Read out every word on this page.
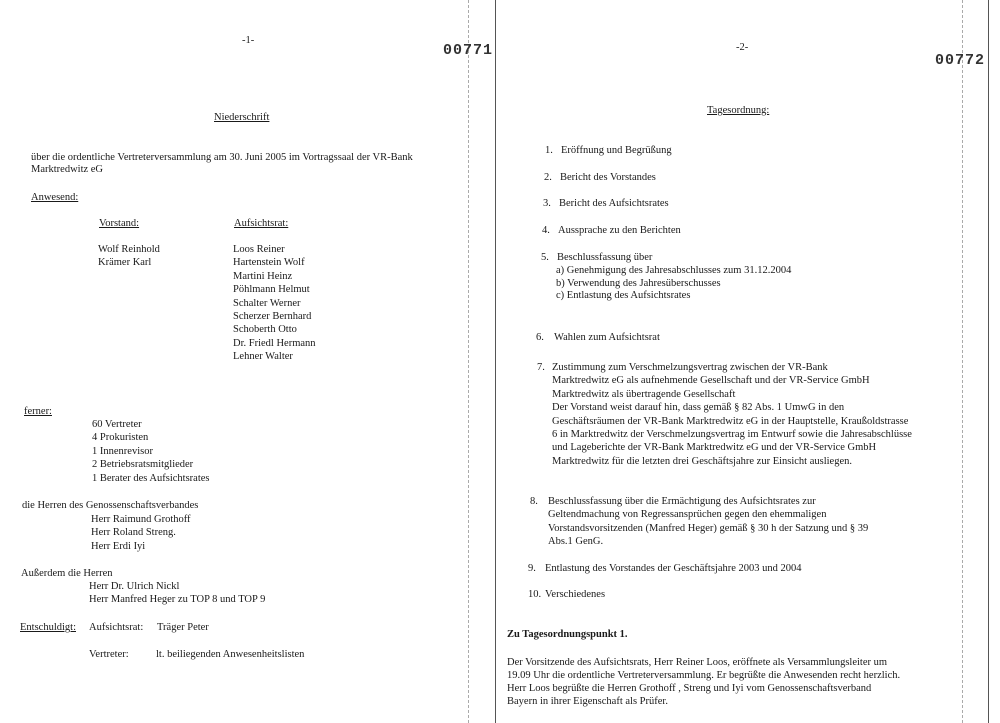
-1-
00771
Niederschrift
über die ordentliche Vertreterversammlung am 30. Juni 2005 im Vortragssaal der VR-Bank
Marktredwitz eG
Anwesend:
Vorstand:	Aufsichtsrat:
Wolf Reinhold
Krämer Karl
Loos Reiner
Hartenstein Wolf
Martini Heinz
Pöhlmann Helmut
Schalter Werner
Scherzer Bernhard
Schoberth Otto
Dr. Friedl Hermann
Lehner Walter
ferner:
60 Vertreter
4 Prokuristen
1 Innenrevisor
2 Betriebsratsmitglieder
1 Berater des Aufsichtsrates
die Herren des Genossenschaftsverbandes
Herr Raimund Grothoff
Herr Roland Streng.
Herr Erdi Iyi
Außerdem die Herren
Herr Dr. Ulrich Nickl
Herr Manfred Heger zu TOP 8 und TOP 9
Entschuldigt: Aufsichtsrat: Träger Peter
Vertreter:	lt. beiliegenden Anwesenheitslisten
-2-
00772
Tagesordnung:
1. Eröffnung und Begrüßung
2. Bericht des Vorstandes
3. Bericht des Aufsichtsrates
4. Aussprache zu den Berichten
5. Beschlussfassung über
a) Genehmigung des Jahresabschlusses zum 31.12.2004
b) Verwendung des Jahresüberschusses
c) Entlastung des Aufsichtsrates
6. Wahlen zum Aufsichtsrat
7. Zustimmung zum Verschmelzungsvertrag zwischen der VR-Bank
Marktredwitz eG als aufnehmende Gesellschaft und der VR-Service GmbH
Marktredwitz als übertragende Gesellschaft
Der Vorstand weist darauf hin, dass gemäß § 82 Abs. 1 UmwG in den
Geschäftsräumen der VR-Bank Marktredwitz eG in der Hauptstelle, Kraußoldstrasse
6 in Marktredwitz der Verschmelzungsvertrag im Entwurf sowie die Jahresabschlüsse
und Lageberichte der VR-Bank Marktredwitz eG und der VR-Service GmbH
Marktredwitz für die letzten drei Geschäftsjahre zur Einsicht ausliegen.
8. Beschlussfassung über die Ermächtigung des Aufsichtsrates zur
Geltendmachung von Regressansprüchen gegen den ehemmaligen
Vorstandsvorsitzenden (Manfred Heger) gemäß § 30 h der Satzung und § 39
Abs.1 GenG.
9. Entlastung des Vorstandes der Geschäftsjahre 2003 und 2004
10. Verschiedenes
Zu Tagesordnungspunkt 1.
Der Vorsitzende des Aufsichtsrats, Herr Reiner Loos, eröffnete als Versammlungsleiter um
19.09 Uhr die ordentliche Vertreterversammlung. Er begrüßte die Anwesenden recht herzlich.
Herr Loos begrüßte die Herren Grothoff , Streng und Iyi vom Genossenschaftsverband
Bayern in ihrer Eigenschaft als Prüfer.
